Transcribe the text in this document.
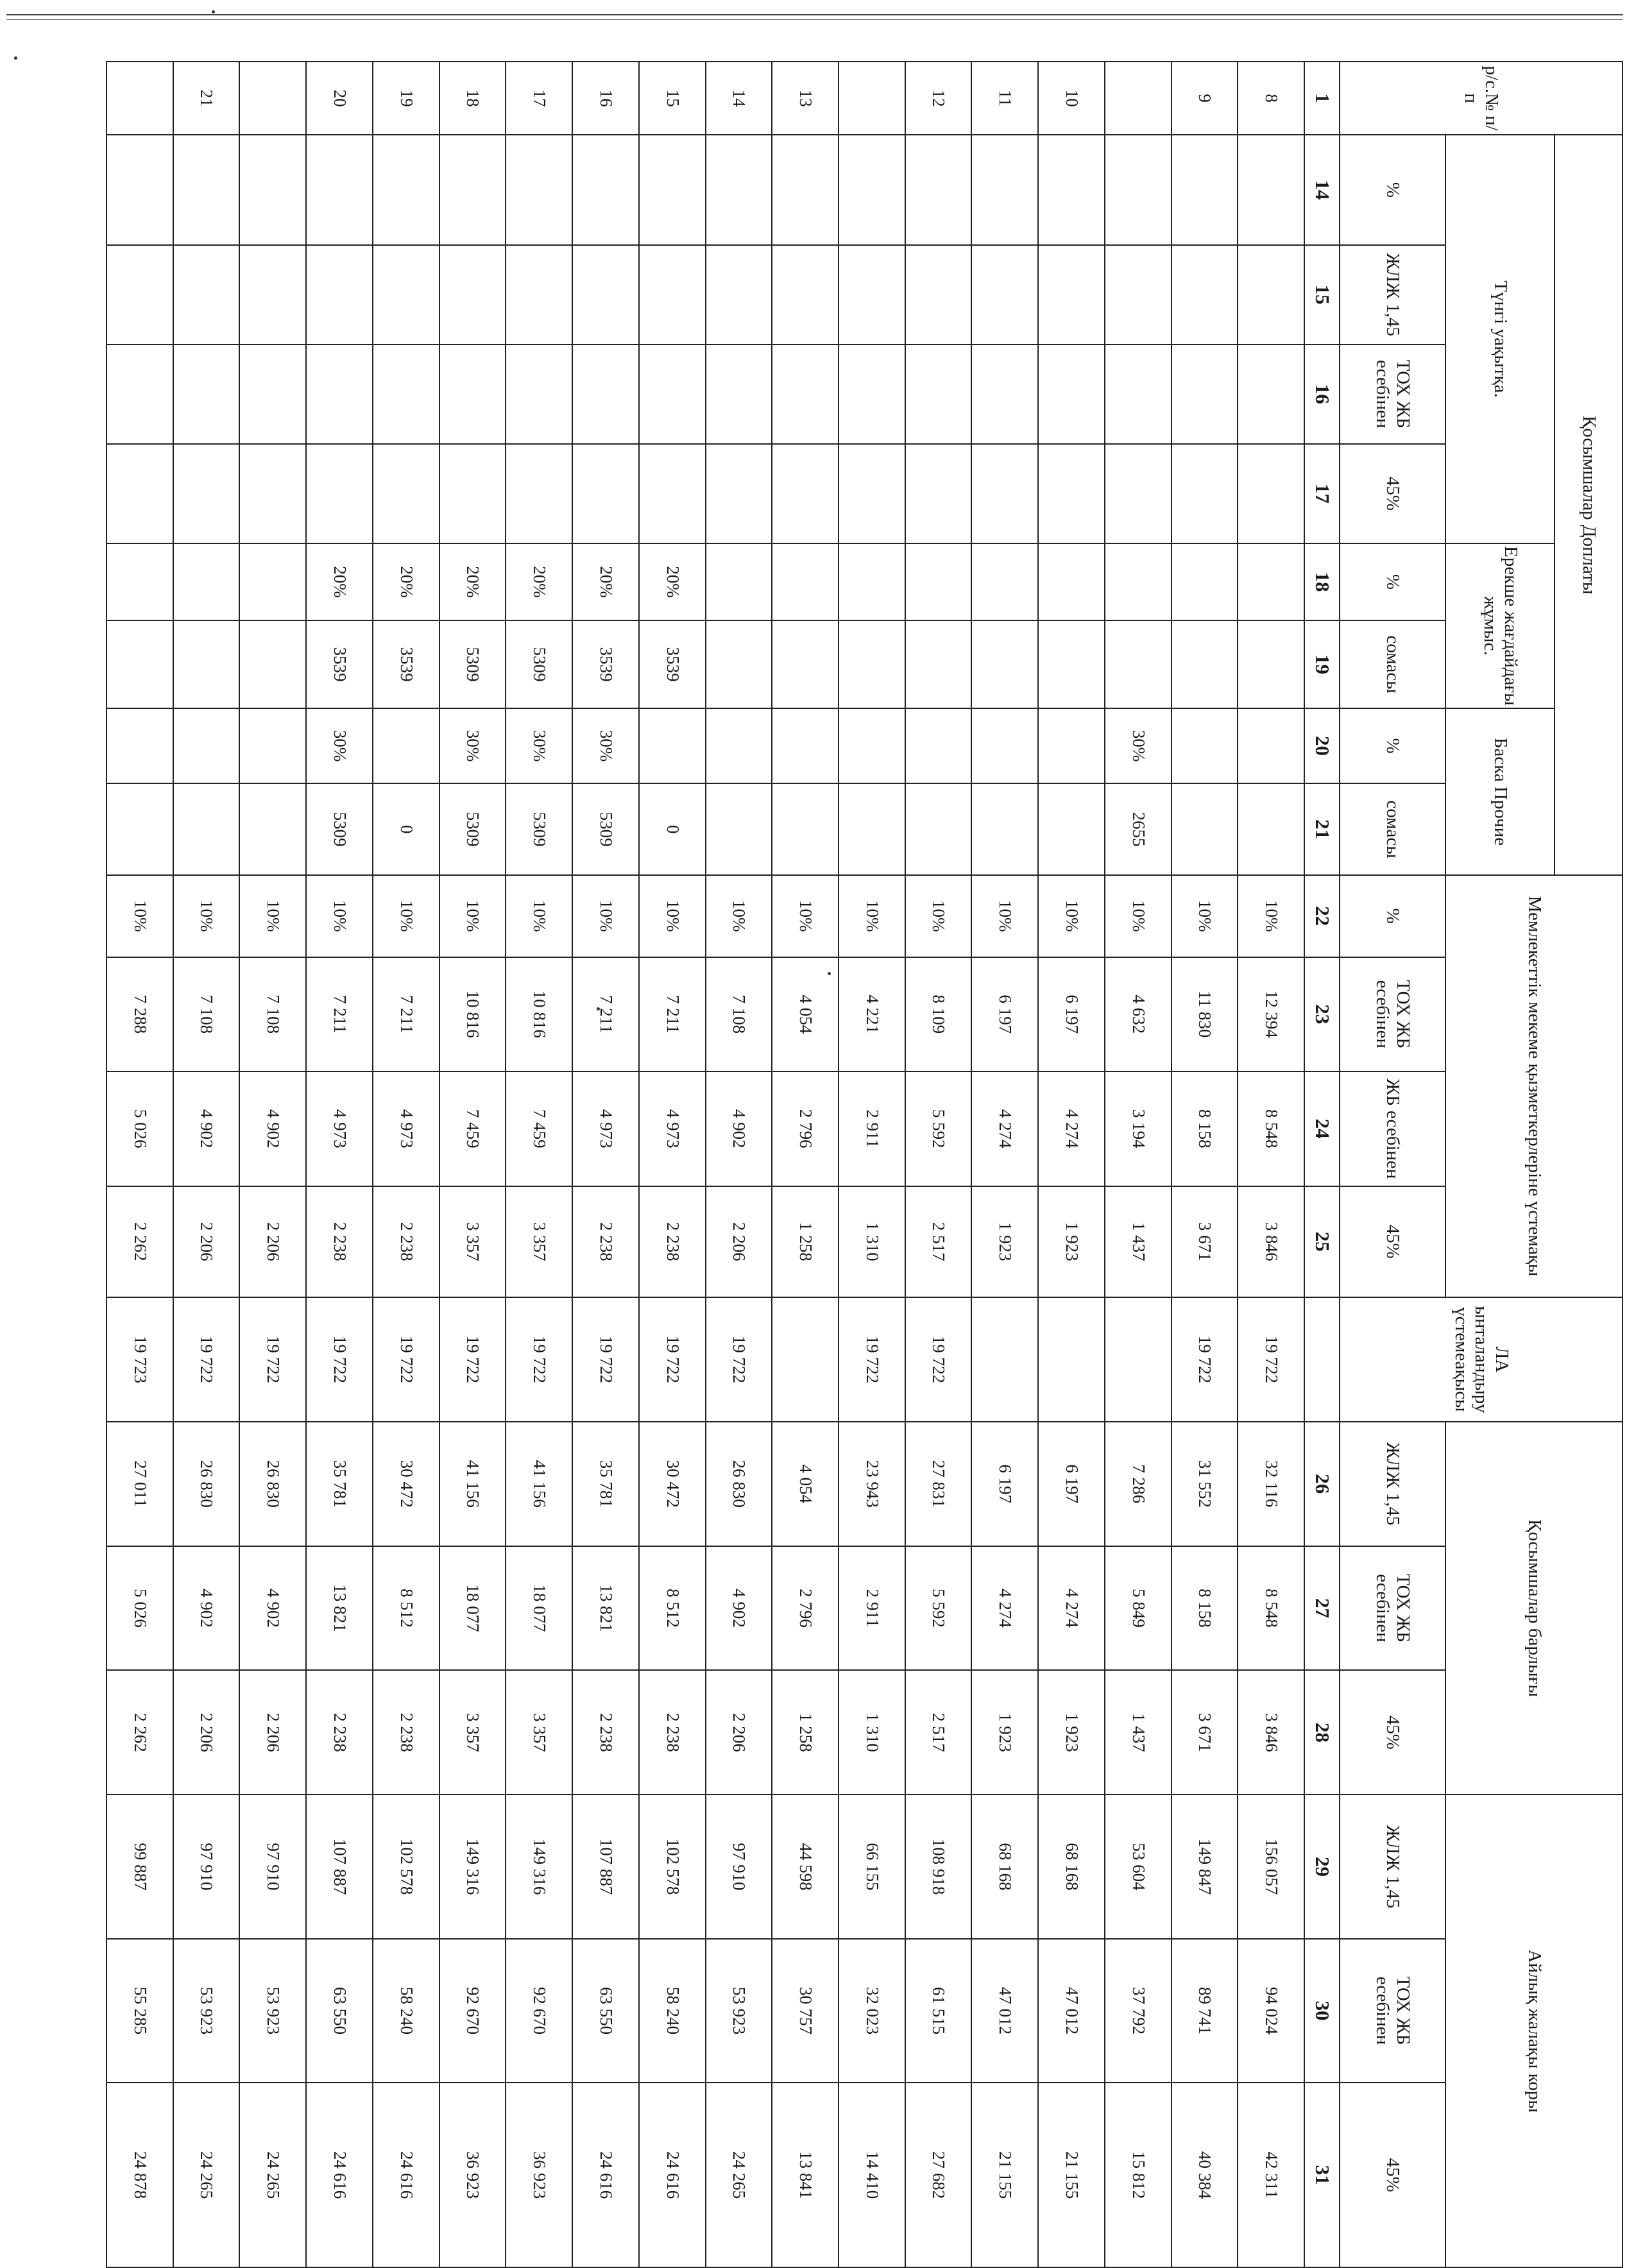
р/с.№ п/п	Қосымшалар Доплаты								Мемлекеттік мекеме қызметкерлеріне үстемақы				ЛА ынталандыру үстемеақысы	Қосымшалар барлығы			Айлық жалақы коры		
	Түнгі уақытқа.				Ерекше жағдайдағы жұмыс.		Баска Прочие												
	%	ЖЛЖ 1,45	ТОХ ЖБ есебінен	45%	%	сомасы	%	сомасы	%	ТОХ ЖБ есебінен	ЖБ есебінен	45%		ЖЛЖ 1,45	ТОХ ЖБ есебінен	45%	ЖЛЖ 1,45	ТОХ ЖБ есебінен	45%
1	14	15	16	17	18	19	20	21	22	23	24	25		26	27	28	29	30	31
8									10%	12 394	8 548	3 846	19 722	32 116	8 548	3 846	156 057	94 024	42 311
9									10%	11 830	8 158	3 671	19 722	31 552	8 158	3 671	149 847	89 741	40 384
							30%	2655	10%	4 632	3 194	1 437		7 286	5 849	1 437	53 604	37 792	15 812
10									10%	6 197	4 274	1 923		6 197	4 274	1 923	68 168	47 012	21 155
11									10%	6 197	4 274	1 923		6 197	4 274	1 923	68 168	47 012	21 155
12									10%	8 109	5 592	2 517	19 722	27 831	5 592	2 517	108 918	61 515	27 682
									10%	4 221	2 911	1 310	19 722	23 943	2 911	1 310	66 155	32 023	14 410
13									10%	4 054	2 796	1 258		4 054	2 796	1 258	44 598	30 757	13 841
14									10%	7 108	4 902	2 206	19 722	26 830	4 902	2 206	97 910	53 923	24 265
15					20%	3539		0	10%	7 211	4 973	2 238	19 722	30 472	8 512	2 238	102 578	58 240	24 616
16					20%	3539	30%	5309	10%	7 211	4 973	2 238	19 722	35 781	13 821	2 238	107 887	63 550	24 616
17					20%	5309	30%	5309	10%	10 816	7 459	3 357	19 722	41 156	18 077	3 357	149 316	92 670	36 923
18					20%	5309	30%	5309	10%	10 816	7 459	3 357	19 722	41 156	18 077	3 357	149 316	92 670	36 923
19					20%	3539		0	10%	7 211	4 973	2 238	19 722	30 472	8 512	2 238	102 578	58 240	24 616
20					20%	3539	30%	5309	10%	7 211	4 973	2 238	19 722	35 781	13 821	2 238	107 887	63 550	24 616
									10%	7 108	4 902	2 206	19 722	26 830	4 902	2 206	97 910	53 923	24 265
21									10%	7 108	4 902	2 206	19 722	26 830	4 902	2 206	97 910	53 923	24 265
									10%	7 288	5 026	2 262	19 723	27 011	5 026	2 262	99 887	55 285	24 878
